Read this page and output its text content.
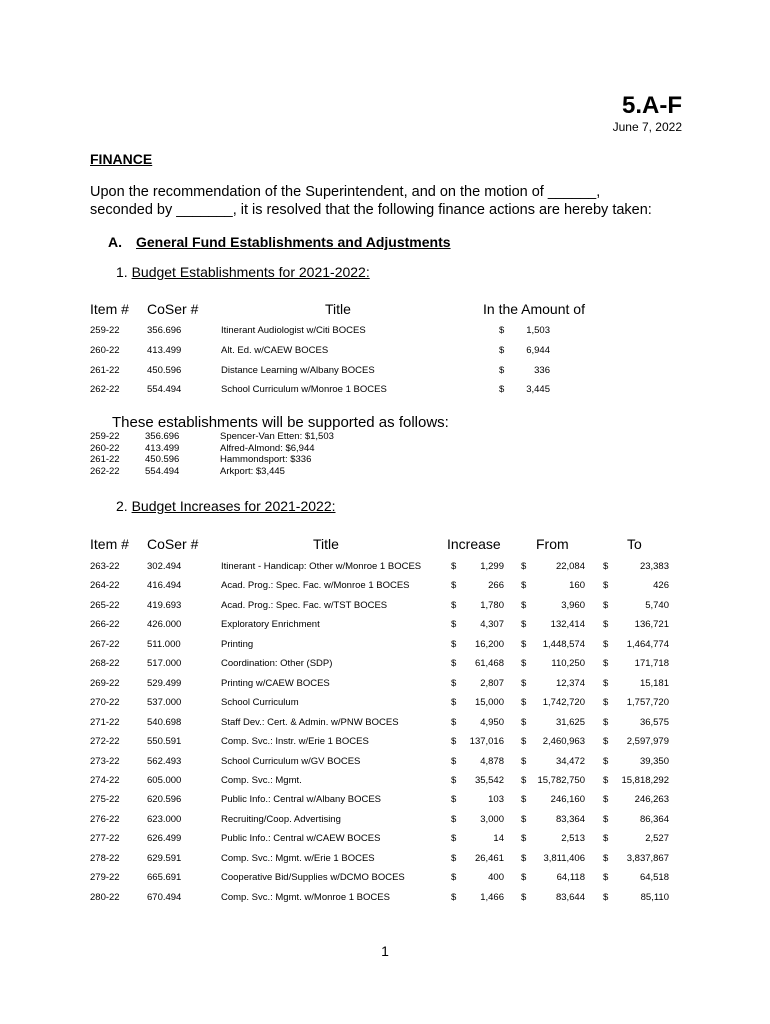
5.A-F
June 7, 2022
FINANCE
Upon the recommendation of the Superintendent, and on the motion of ______,
seconded by _______, it is resolved that the following finance actions are hereby taken:
A. General Fund Establishments and Adjustments
1. Budget Establishments for 2021-2022:
Item # CoSer #	Title	In the Amount of
259-22	356.696	Itinerant Audiologist w/Citi BOCES	$	1,503
260-22	413.499	Alt. Ed. w/CAEW BOCES	$	6,944
261-22	450.596	Distance Learning w/Albany BOCES	$	336
262-22	554.494	School Curriculum w/Monroe 1 BOCES	$	3,445
These establishments will be supported as follows:
259-22	356.696	Spencer-Van Etten: $1,503
260-22	413.499	Alfred-Almond: $6,944
261-22	450.596	Hammondsport: $336
262-22	554.494	Arkport: $3,445
2. Budget Increases for 2021-2022:
Item # CoSer #	Title	Increase	From	To
263-22	302.494	Itinerant - Handicap: Other w/Monroe 1 BOCES	$	1,299 $	22,084 $	23,383
264-22	416.494	Acad. Prog.: Spec. Fac. w/Monroe 1 BOCES	$	266 $	160 $	426
265-22	419.693	Acad. Prog.: Spec. Fac. w/TST BOCES	$	1,780 $	3,960 $	5,740
266-22	426.000	Exploratory Enrichment	$	4,307 $	132,414 $	136,721
267-22	511.000	Printing	$	16,200 $	1,448,574 $	1,464,774
268-22	517.000	Coordination: Other (SDP)	$	61,468 $	110,250 $	171,718
269-22	529.499	Printing w/CAEW BOCES	$	2,807 $	12,374 $	15,181
270-22	537.000	School Curriculum	$	15,000 $	1,742,720 $	1,757,720
271-22	540.698	Staff Dev.: Cert. & Admin. w/PNW BOCES	$	4,950 $	31,625 $	36,575
272-22	550.591	Comp. Svc.: Instr. w/Erie 1 BOCES	$	137,016 $	2,460,963 $	2,597,979
273-22	562.493	School Curriculum w/GV BOCES	$	4,878 $	34,472 $	39,350
274-22	605.000	Comp. Svc.: Mgmt.	$	35,542 $	15,782,750 $	15,818,292
275-22	620.596	Public Info.: Central w/Albany BOCES	$	103 $	246,160 $	246,263
276-22	623.000	Recruiting/Coop. Advertising	$	3,000 $	83,364 $	86,364
277-22	626.499	Public Info.: Central w/CAEW BOCES	$	14 $	2,513 $	2,527
278-22	629.591	Comp. Svc.: Mgmt. w/Erie 1 BOCES	$	26,461 $	3,811,406 $	3,837,867
279-22	665.691	Cooperative Bid/Supplies w/DCMO BOCES	$	400 $	64,118 $	64,518
280-22	670.494	Comp. Svc.: Mgmt. w/Monroe 1 BOCES	$	1,466 $	83,644 $	85,110
1
